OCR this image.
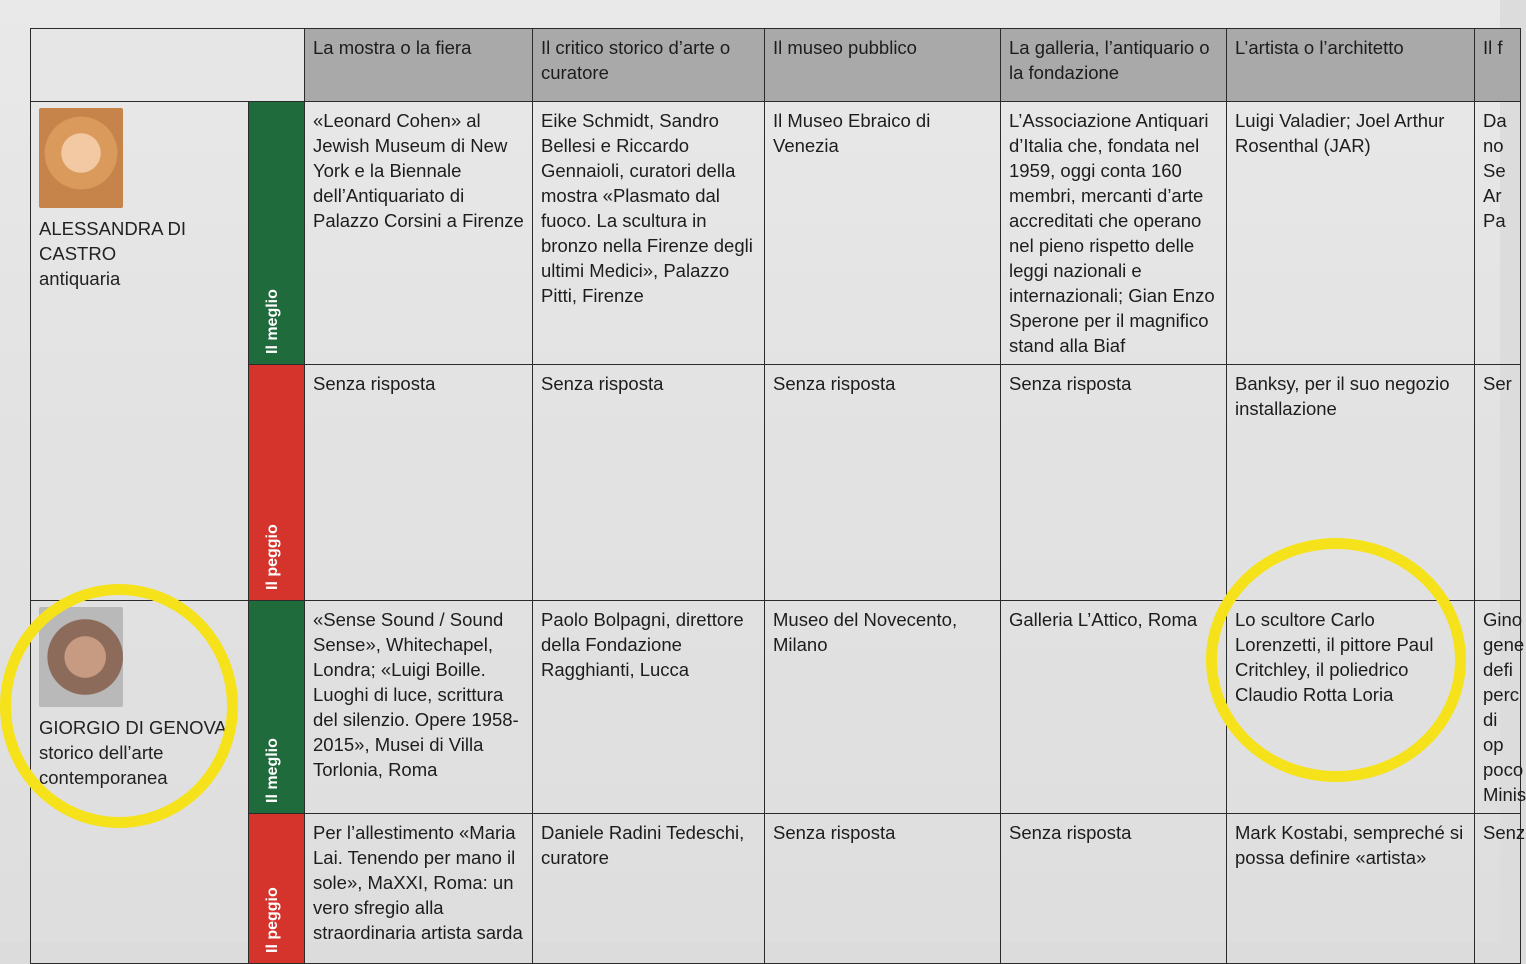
		La mostra o la fiera	Il critico storico d’arte o curatore	Il museo pubblico	La galleria, l’antiquario o la fondazione	L’artista o l’architetto	Il f

ALESSANDRA DI CASTRO
antiquaria	Il meglio	«Leonard Cohen» al Jewish Museum di New York e la Biennale dell’Antiquariato di Palazzo Corsini a Firenze	Eike Schmidt, Sandro Bellesi e Riccardo Gennaioli, curatori della mostra «Plasmato dal fuoco. La scultura in bronzo nella Firenze degli ultimi Medici», Palazzo Pitti, Firenze	Il Museo Ebraico di Venezia	L’Associazione Antiquari d’Italia che, fondata nel 1959, oggi conta 160 membri, mercanti d’arte accreditati che operano nel pieno rispetto delle leggi nazionali e internazionali; Gian Enzo Sperone per il magnifico stand alla Biaf	Luigi Valadier; Joel Arthur Rosenthal (JAR)	Da no Se Ar Pa

	Il peggio	Senza risposta	Senza risposta	Senza risposta	Senza risposta	Banksy, per il suo negozio installazione	Ser

GIORGIO DI GENOVA
storico dell’arte contemporanea	Il meglio	«Sense Sound / Sound Sense», Whitechapel, Londra; «Luigi Boille. Luoghi di luce, scrittura del silenzio. Opere 1958-2015», Musei di Villa Torlonia, Roma	Paolo Bolpagni, direttore della Fondazione Ragghianti, Lucca	Museo del Novecento, Milano	Galleria L’Attico, Roma	Lo scultore Carlo Lorenzetti, il pittore Paul Critchley, il poliedrico Claudio Rotta Loria	Gino gene defi perc di op poco Minis

	Il peggio	Per l’allestimento «Maria Lai. Tenendo per mano il sole», MaXXI, Roma: un vero sfregio alla straordinaria artista sarda	Daniele Radini Tedeschi, curatore	Senza risposta	Senza risposta	Mark Kostabi, sempreché si possa definire «artista»	Senz
